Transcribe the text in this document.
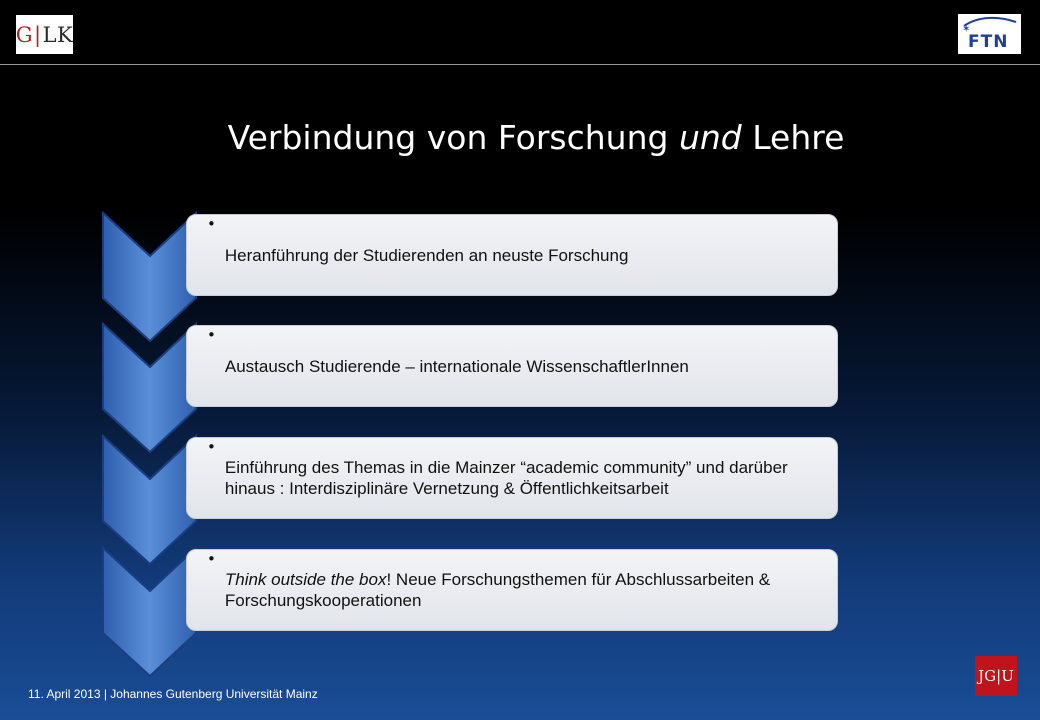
G | LK	✶
FTN
Verbindung von Forschung und Lehre
•
Heranführung der Studierenden an neuste Forschung
•
Austausch Studierende – internationale WissenschaftlerInnen
•
Einführung des Themas in die Mainzer “academic community” und darüber hinaus : Interdisziplinäre Vernetzung & Öffentlichkeitsarbeit
•
Think outside the box! Neue Forschungsthemen für Abschlussarbeiten & Forschungskooperationen
11. April 2013 | Johannes Gutenberg Universität Mainz
JG|U
